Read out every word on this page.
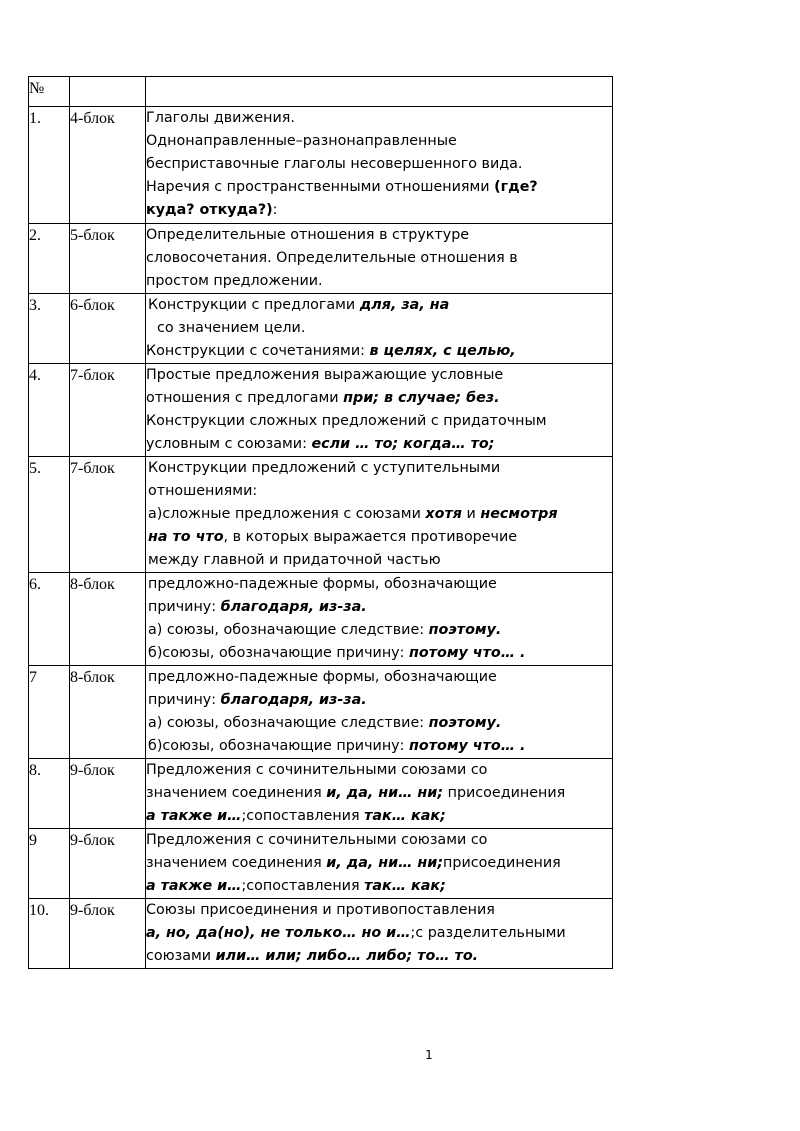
№		
1.	4-блок	Глаголы движения.
Однонаправленные–разнонаправленные
бесприставочные глаголы несовершенного вида.
Наречия с пространственными отношениями (где?
куда? откуда?):

2.	5-блок	Определительные отношения в структуре
словосочетания. Определительные отношения в
простом предложении.

3.	6-блок	Конструкции с предлогами для, за, на
со значением цели.
Конструкции с сочетаниями: в целях, с целью,

4.	7-блок	Простые предложения выражающие условные
отношения с предлогами при; в случае; без.
Конструкции сложных предложений с придаточным
условным с союзами: если … то; когда… то;

5.	7-блок	Конструкции предложений с уступительными
отношениями:
а)сложные предложения с союзами хотя и несмотря
на то что, в которых выражается противоречие
между главной и придаточной частью

6.	8-блок	предложно-падежные формы, обозначающие
причину: благодаря, из-за.
а) союзы, обозначающие следствие: поэтому.
б)союзы, обозначающие причину: потому что… .

7	8-блок	предложно-падежные формы, обозначающие
причину: благодаря, из-за.
а) союзы, обозначающие следствие: поэтому.
б)союзы, обозначающие причину: потому что… .

8.	9-блок	Предложения с сочинительными союзами со
значением соединения и, да, ни… ни; присоединения
а также и…;сопоставления так… как;

9	9-блок	Предложения с сочинительными союзами со
значением соединения и, да, ни… ни;присоединения
а также и…;сопоставления так… как;

10.	9-блок	Союзы присоединения и противопоставления
а, но, да(но), не только… но и…;с разделительными
союзами или… или; либо… либо; то… то.
1
